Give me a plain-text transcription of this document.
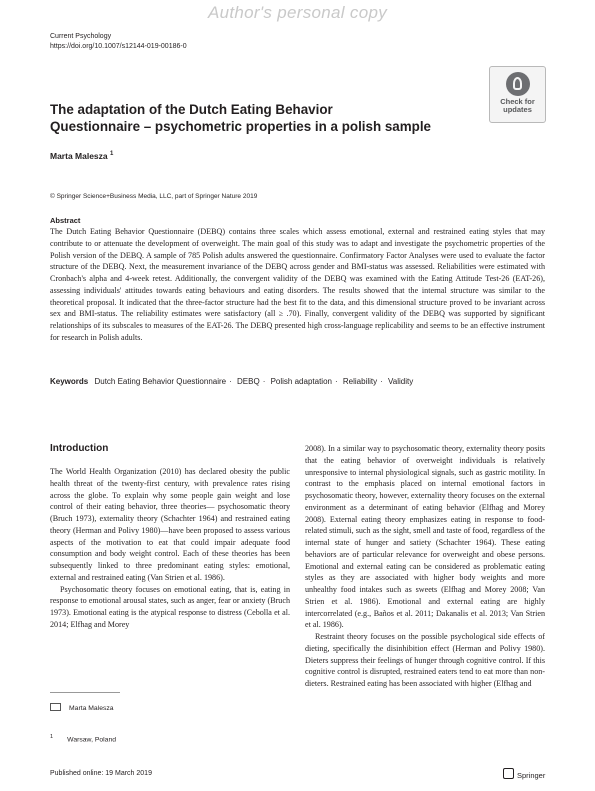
Author's personal copy
Current Psychology
https://doi.org/10.1007/s12144-019-00186-0
Check for
updates
The adaptation of the Dutch Eating Behavior
Questionnaire – psychometric properties in a polish sample
Marta Malesza $^1$
© Springer Science+Business Media, LLC, part of Springer Nature 2019
Abstract
The Dutch Eating Behavior Questionnaire (DEBQ) contains three scales which assess emotional, external and restrained eating styles that may contribute to or attenuate the development of overweight. The main goal of this study was to adapt and investigate the psychometric properties of the Polish version of the DEBQ. A sample of 785 Polish adults answered the questionnaire. Confirmatory Factor Analyses were used to evaluate the factor structure of the DEBQ. Next, the measurement invariance of the DEBQ across gender and BMI-status was assessed. Reliabilities were estimated with Cronbach's alpha and 4-week retest. Additionally, the convergent validity of the DEBQ was examined with the Eating Attitude Test-26 (EAT-26), assessing individuals' attitudes towards eating behaviours and eating disorders. The results showed that the internal structure was similar to the theoretical proposal. It indicated that the three-factor structure had the best fit to the data, and this dimensional structure proved to be invariant across sex and BMI-status. The reliability estimates were satisfactory (all ≥ .70). Finally, convergent validity of the DEBQ was supported by significant relationships of its subscales to measures of the EAT-26. The DEBQ presented high cross-language replicability and seems to be an effective instrument for research in Polish adults.
Keywords Dutch Eating Behavior Questionnaire · DEBQ · Polish adaptation · Reliability · Validity
Introduction

The World Health Organization (2010) has declared obesity the public health threat of the twenty-first century, with prevalence rates rising across the globe. To explain why some people gain weight and lose control of their eating behavior, three theories— psychosomatic theory (Bruch 1973), externality theory (Schachter 1964) and restrained eating theory (Herman and Polivy 1980)—have been proposed to assess various aspects of the motivation to eat that could impair adequate food consumption and body weight control. Each of these theories has been subsequently linked to three predominant eating styles: emotional, external and restrained eating (Van Strien et al. 1986).

Psychosomatic theory focuses on emotional eating, that is, eating in response to emotional arousal states, such as anger, fear or anxiety (Bruch 1973). Emotional eating is the atypical response to distress (Cebolla et al. 2014; Elfhag and Morey

2008). In a similar way to psychosomatic theory, externality theory posits that the eating behavior of overweight individuals is relatively unresponsive to internal physiological signals, such as gastric motility. In contrast to the emphasis placed on internal emotional factors in psychosomatic theory, however, externality theory focuses on the external environment as a determinant of eating behavior (Elfhag and Morey 2008). External eating theory emphasizes eating in response to food-related stimuli, such as the sight, smell and taste of food, regardless of the internal state of hunger and satiety (Schachter 1964). These eating behaviors are of particular relevance for overweight and obese persons. Emotional and external eating can be considered as problematic eating styles as they are associated with higher body weights and more unhealthy food intakes such as sweets (Elfhag and Morey 2008; Van Strien et al. 1986). Emotional and external eating are highly intercorrelated (e.g., Baños et al. 2011; Dakanalis et al. 2013; Van Strien et al. 1986).

Restraint theory focuses on the possible psychological side effects of dieting, specifically the disinhibition effect (Herman and Polivy 1980). Dieters suppress their feelings of hunger through cognitive control. If this cognitive control is disrupted, restrained eaters tend to eat more than non-dieters. Restrained eating has been associated with higher (Elfhag and

Marta Malesza
$^1$ Warsaw, Poland
Published online: 19 March 2019	Springer
